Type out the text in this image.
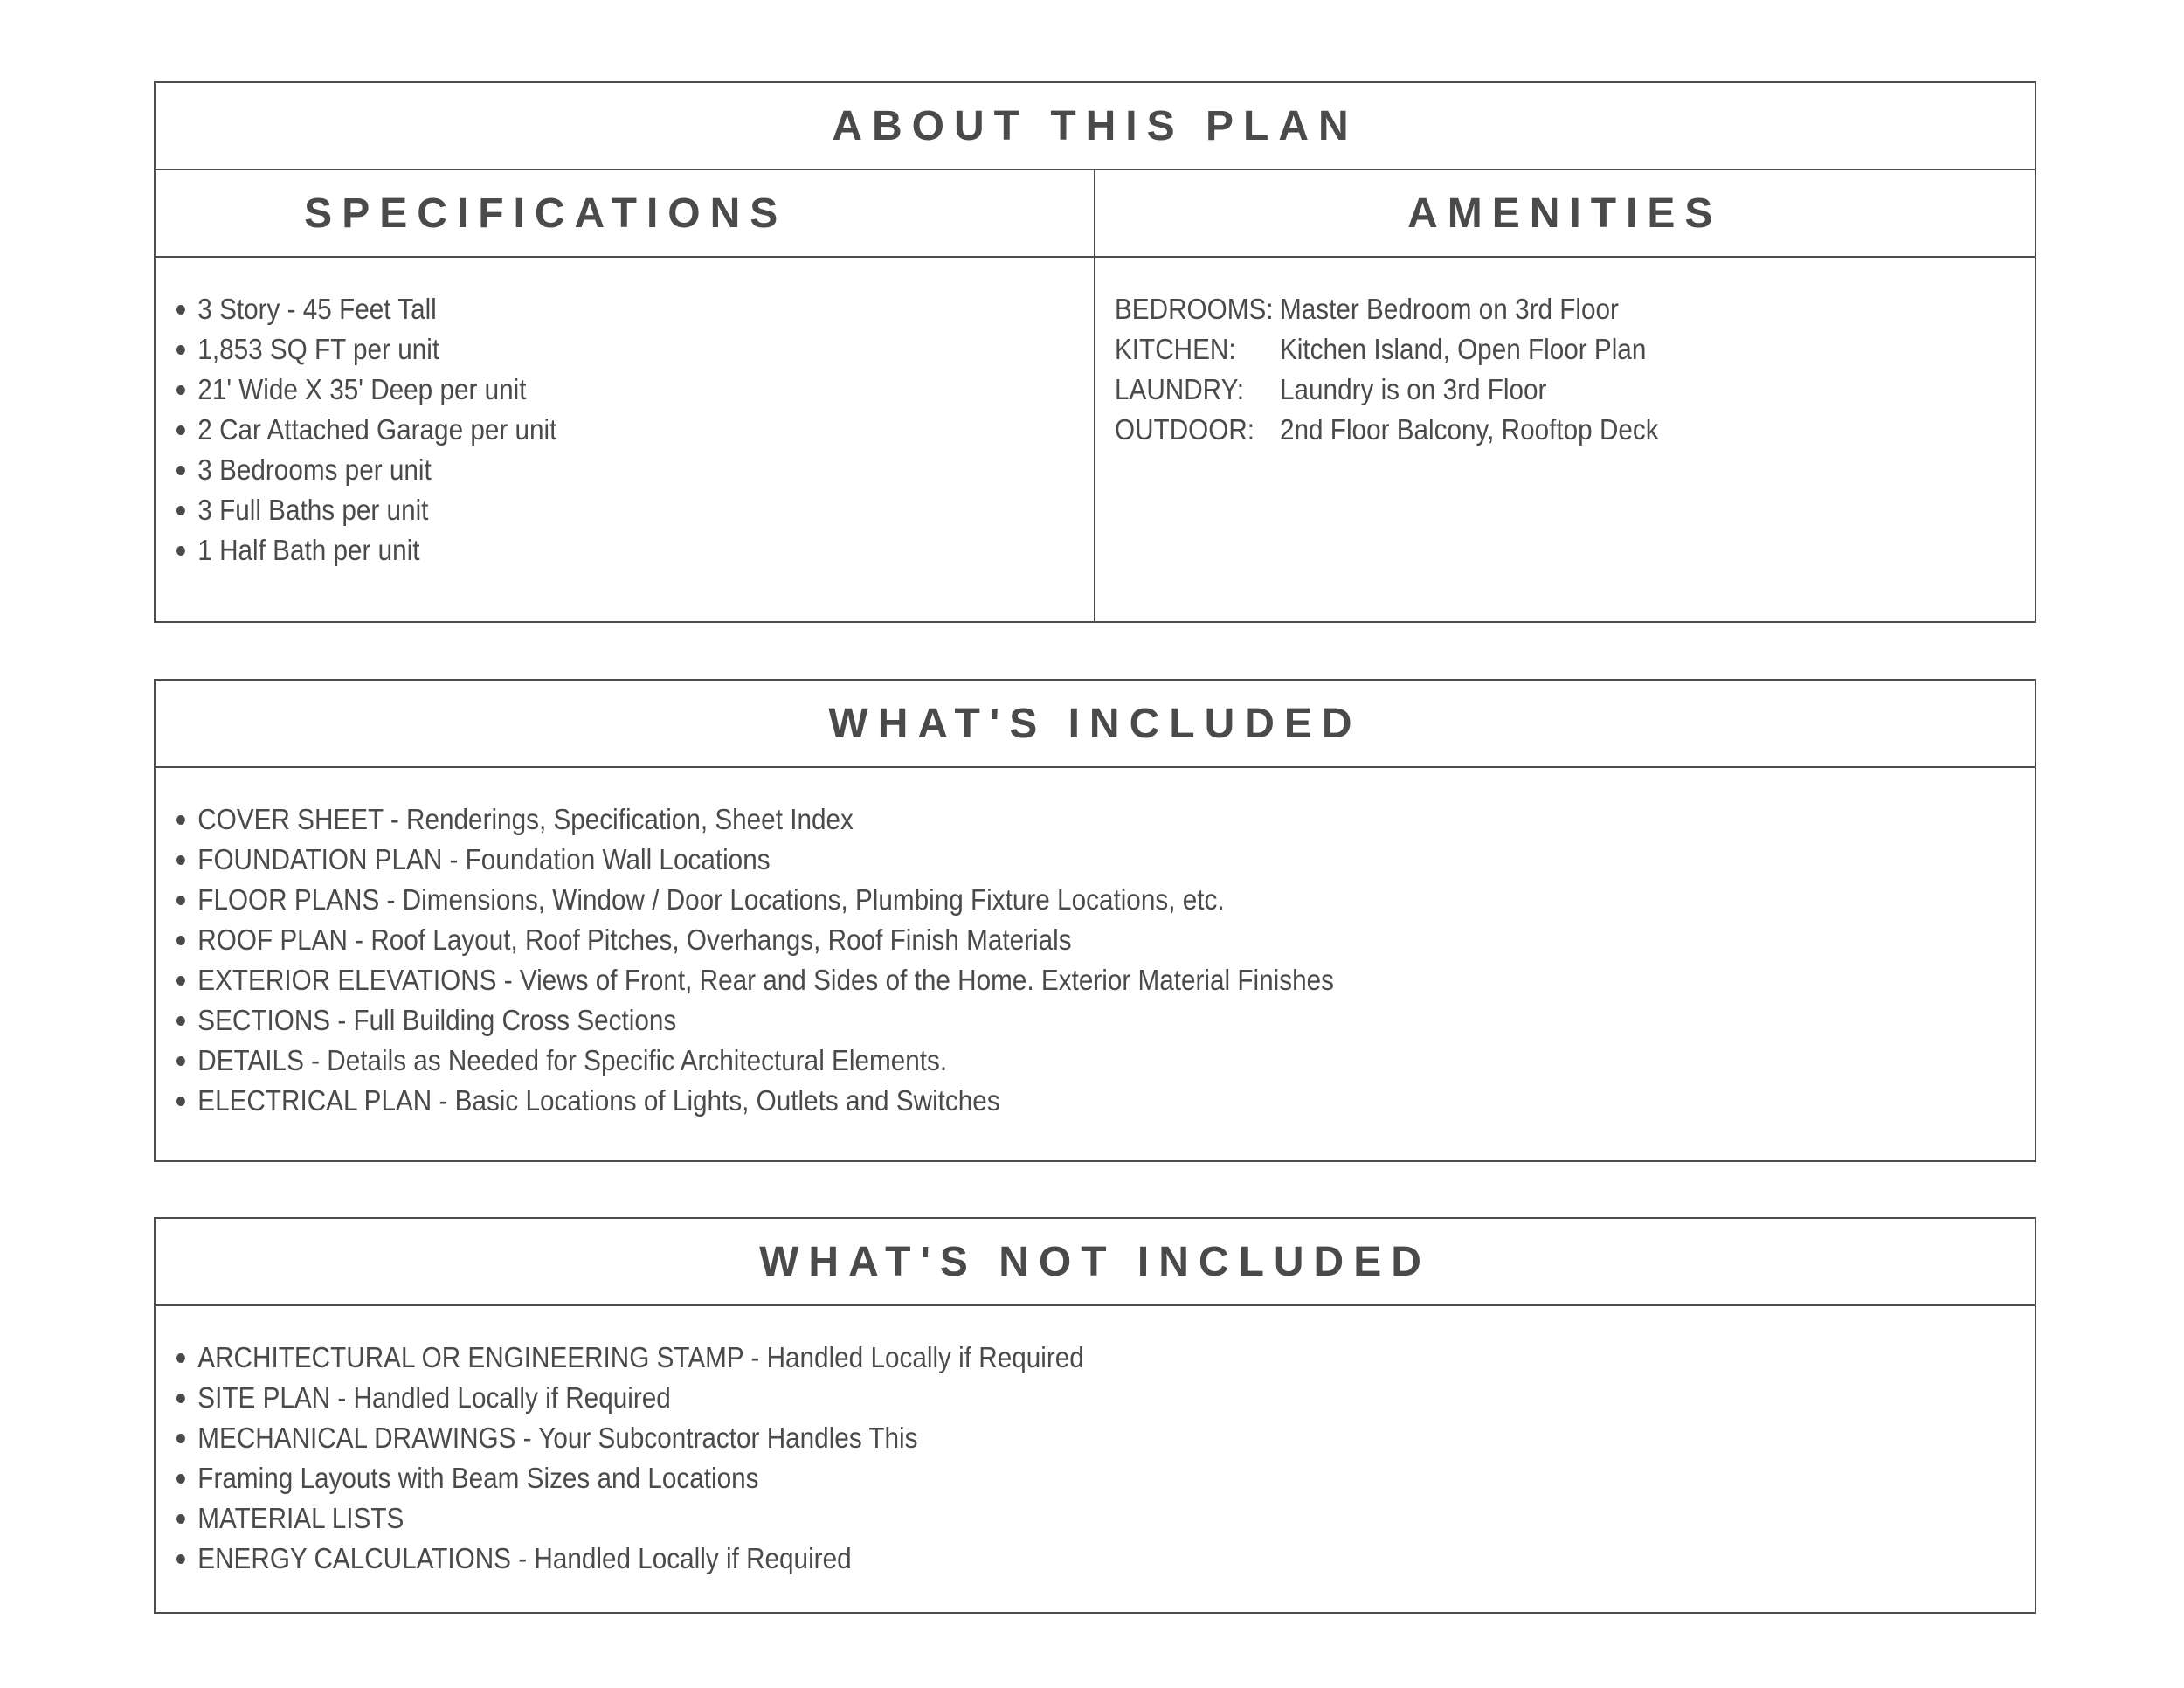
ABOUT THIS PLAN
SPECIFICATIONS	AMENITIES
3 Story - 45 Feet Tall
1,853 SQ FT per unit
21' Wide X 35' Deep per unit
2 Car Attached Garage per unit
3 Bedrooms per unit
3 Full Baths per unit
1 Half Bath per unit
BEDROOMS: Master Bedroom on 3rd Floor
KITCHEN:	Kitchen Island, Open Floor Plan
LAUNDRY:	Laundry is on 3rd Floor
OUTDOOR: 2nd Floor Balcony, Rooftop Deck
WHAT'S INCLUDED
COVER SHEET - Renderings, Specification, Sheet Index
FOUNDATION PLAN - Foundation Wall Locations
FLOOR PLANS - Dimensions, Window / Door Locations, Plumbing Fixture Locations, etc.
ROOF PLAN - Roof Layout, Roof Pitches, Overhangs, Roof Finish Materials
EXTERIOR ELEVATIONS - Views of Front, Rear and Sides of the Home. Exterior Material Finishes
SECTIONS - Full Building Cross Sections
DETAILS - Details as Needed for Specific Architectural Elements.
ELECTRICAL PLAN - Basic Locations of Lights, Outlets and Switches
WHAT'S NOT INCLUDED
ARCHITECTURAL OR ENGINEERING STAMP - Handled Locally if Required
SITE PLAN - Handled Locally if Required
MECHANICAL DRAWINGS - Your Subcontractor Handles This
Framing Layouts with Beam Sizes and Locations
MATERIAL LISTS
ENERGY CALCULATIONS - Handled Locally if Required
